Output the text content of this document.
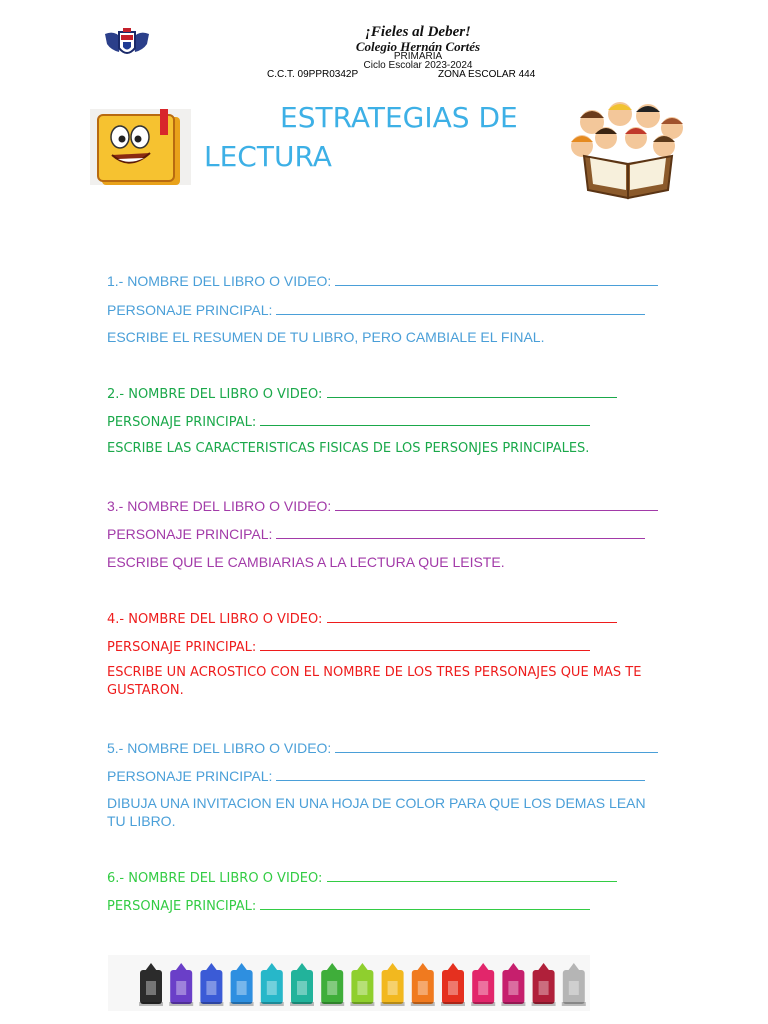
¡Fieles al Deber!
Colegio Hernán Cortés
PRIMARIA
Ciclo Escolar 2023-2024
C.C.T. 09PPR0342P	ZONA ESCOLAR 444
ESTRATEGIAS DE
LECTURA
1.- NOMBRE DEL LIBRO O VIDEO:
PERSONAJE PRINCIPAL:
ESCRIBE EL RESUMEN DE TU LIBRO, PERO CAMBIALE EL FINAL.
2.- NOMBRE DEL LIBRO O VIDEO:
PERSONAJE PRINCIPAL:
ESCRIBE LAS CARACTERISTICAS FISICAS DE LOS PERSONJES PRINCIPALES.
3.- NOMBRE DEL LIBRO O VIDEO:
PERSONAJE PRINCIPAL:
ESCRIBE QUE LE CAMBIARIAS A LA LECTURA QUE LEISTE.
4.- NOMBRE DEL LIBRO O VIDEO:
PERSONAJE PRINCIPAL:
ESCRIBE UN ACROSTICO CON EL NOMBRE DE LOS TRES PERSONAJES QUE MAS TE GUSTARON.
5.- NOMBRE DEL LIBRO O VIDEO:
PERSONAJE PRINCIPAL:
DIBUJA UNA INVITACION EN UNA HOJA DE COLOR PARA QUE LOS DEMAS LEAN TU LIBRO.
6.- NOMBRE DEL LIBRO O VIDEO:
PERSONAJE PRINCIPAL:
